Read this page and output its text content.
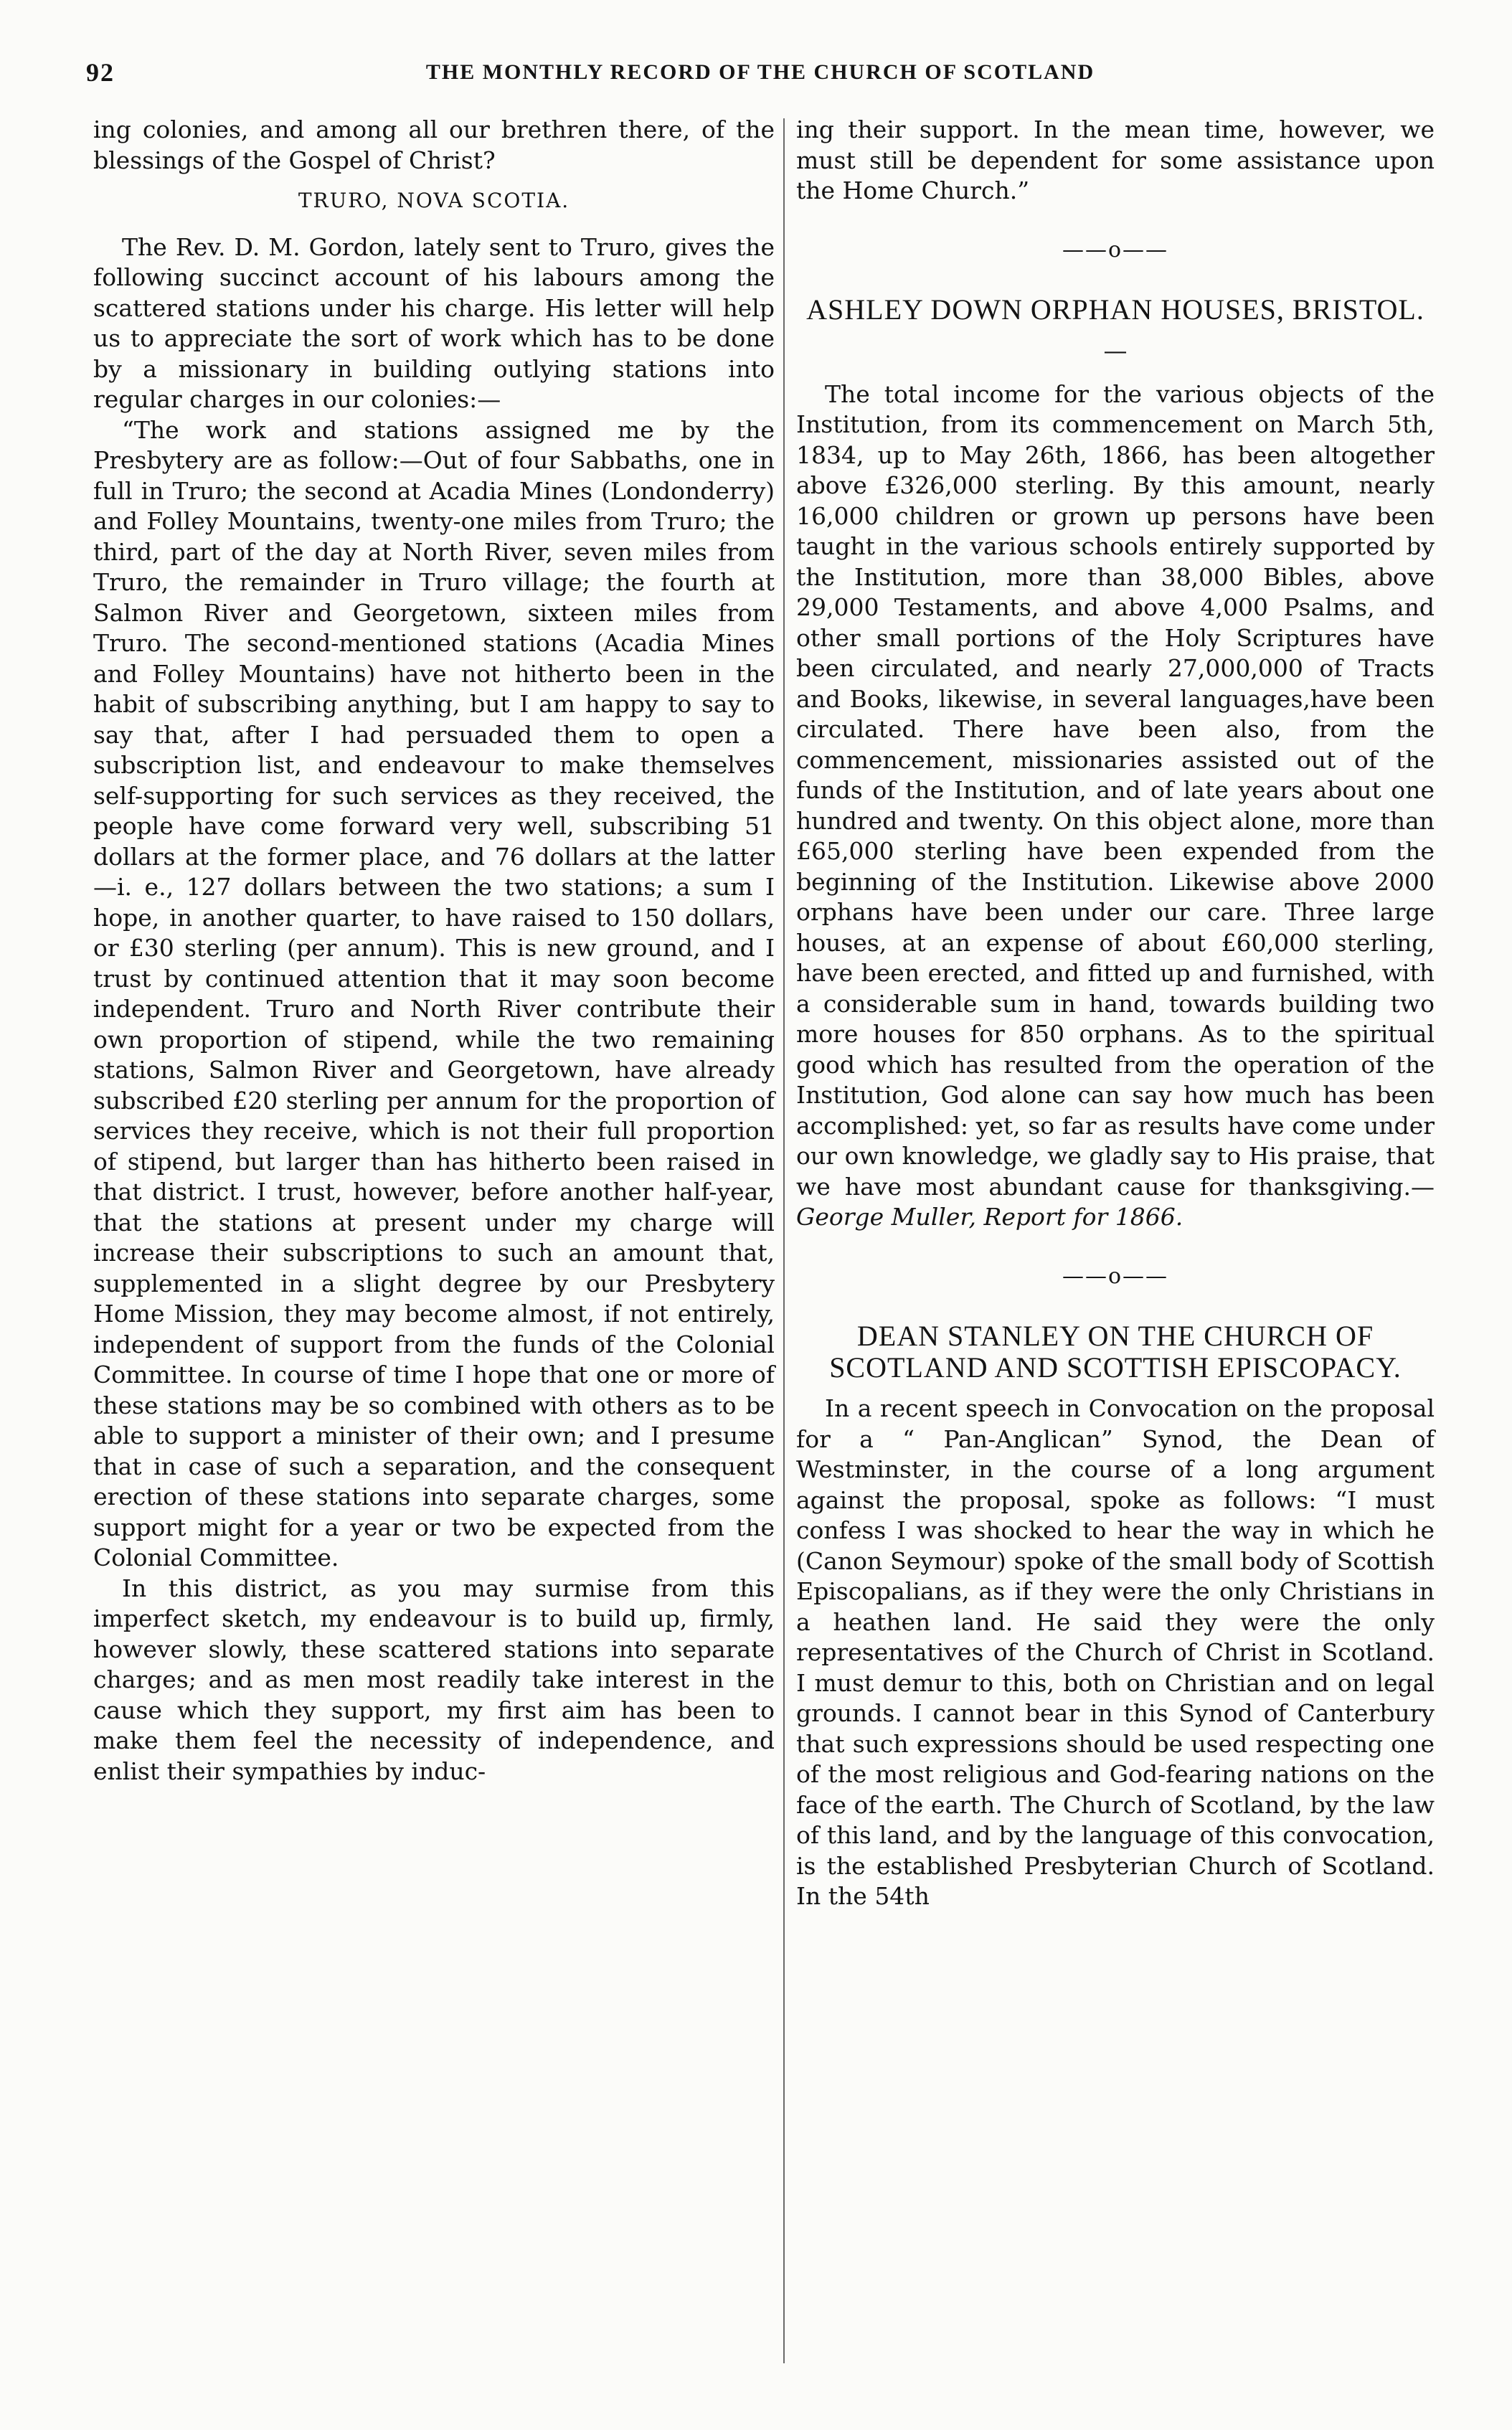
92	THE MONTHLY RECORD OF THE CHURCH OF SCOTLAND

ing colonies, and among all our brethren there, of the blessings of the Gospel of Christ?

TRURO, NOVA SCOTIA.

The Rev. D. M. Gordon, lately sent to Truro, gives the following succinct account of his labours among the scattered stations under his charge. His letter will help us to appreciate the sort of work which has to be done by a missionary in building outlying stations into regular charges in our colonies:—

“The work and stations assigned me by the Presbytery are as follow:—Out of four Sabbaths, one in full in Truro; the second at Acadia Mines (Londonderry) and Folley Mountains, twenty-one miles from Truro; the third, part of the day at North River, seven miles from Truro, the remainder in Truro village; the fourth at Salmon River and Georgetown, sixteen miles from Truro. The second-mentioned stations (Acadia Mines and Folley Mountains) have not hitherto been in the habit of subscribing anything, but I am happy to say to say that, after I had persuaded them to open a subscription list, and endeavour to make themselves self-supporting for such services as they received, the people have come forward very well, subscribing 51 dollars at the former place, and 76 dollars at the latter—i. e., 127 dollars between the two stations; a sum I hope, in another quarter, to have raised to 150 dollars, or £30 sterling (per annum). This is new ground, and I trust by continued attention that it may soon become independent. Truro and North River contribute their own proportion of stipend, while the two remaining stations, Salmon River and Georgetown, have already subscribed £20 sterling per annum for the proportion of services they receive, which is not their full proportion of stipend, but larger than has hitherto been raised in that district. I trust, however, before another half-year, that the stations at present under my charge will increase their subscriptions to such an amount that, supplemented in a slight degree by our Presbytery Home Mission, they may become almost, if not entirely, independent of support from the funds of the Colonial Committee. In course of time I hope that one or more of these stations may be so combined with others as to be able to support a minister of their own; and I presume that in case of such a separation, and the consequent erection of these stations into separate charges, some support might for a year or two be expected from the Colonial Committee.

In this district, as you may surmise from this imperfect sketch, my endeavour is to build up, firmly, however slowly, these scattered stations into separate charges; and as men most readily take interest in the cause which they support, my first aim has been to make them feel the necessity of independence, and enlist their sympathies by induc-

ing their support. In the mean time, however, we must still be dependent for some assistance upon the Home Church.”

——o——
ASHLEY DOWN ORPHAN HOUSES, BRISTOL.
—

The total income for the various objects of the Institution, from its commencement on March 5th, 1834, up to May 26th, 1866, has been altogether above £326,000 sterling. By this amount, nearly 16,000 children or grown up persons have been taught in the various schools entirely supported by the Institution, more than 38,000 Bibles, above 29,000 Testaments, and above 4,000 Psalms, and other small portions of the Holy Scriptures have been circulated, and nearly 27,000,000 of Tracts and Books, likewise, in several languages,have been circulated. There have been also, from the commencement, missionaries assisted out of the funds of the Institution, and of late years about one hundred and twenty. On this object alone, more than £65,000 sterling have been expended from the beginning of the Institution. Likewise above 2000 orphans have been under our care. Three large houses, at an expense of about £60,000 sterling, have been erected, and fitted up and furnished, with a considerable sum in hand, towards building two more houses for 850 orphans. As to the spiritual good which has resulted from the operation of the Institution, God alone can say how much has been accomplished: yet, so far as results have come under our own knowledge, we gladly say to His praise, that we have most abundant cause for thanksgiving.— George Muller, Report for 1866.

——o——
DEAN STANLEY ON THE CHURCH OF SCOTLAND AND SCOTTISH EPISCOPACY.

In a recent speech in Convocation on the proposal for a “ Pan-Anglican” Synod, the Dean of Westminster, in the course of a long argument against the proposal, spoke as follows: “I must confess I was shocked to hear the way in which he (Canon Seymour) spoke of the small body of Scottish Episcopalians, as if they were the only Christians in a heathen land. He said they were the only representatives of the Church of Christ in Scotland. I must demur to this, both on Christian and on legal grounds. I cannot bear in this Synod of Canterbury that such expressions should be used respecting one of the most religious and God-fearing nations on the face of the earth. The Church of Scotland, by the law of this land, and by the language of this convocation, is the established Presbyterian Church of Scotland. In the 54th
